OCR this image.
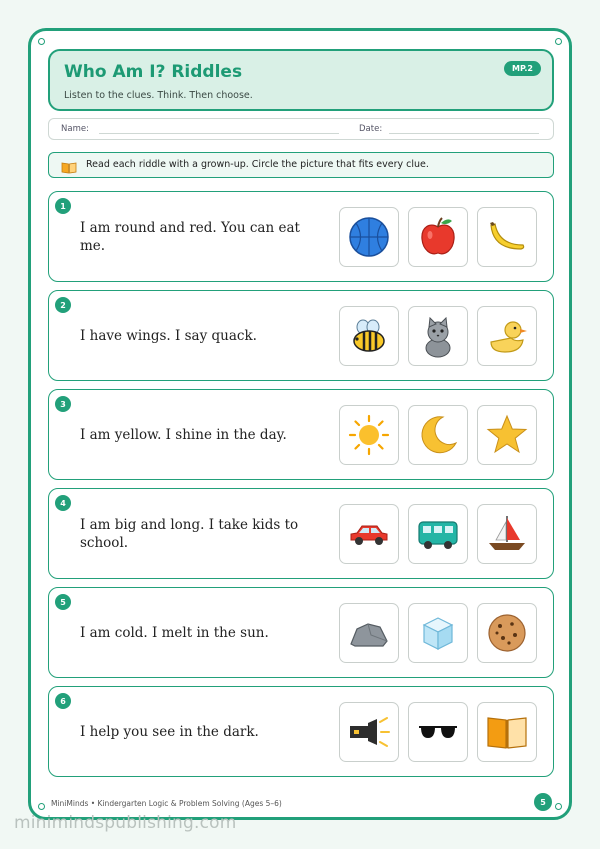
Who Am I? Riddles
Listen to the clues. Think. Then choose.
MP.2
Name:	Date:
Read each riddle with a grown-up. Circle the picture that fits every clue.
1
I am round and red. You can eat me.
2
I have wings. I say quack.
3
I am yellow. I shine in the day.
4
I am big and long. I take kids to school.
5
I am cold. I melt in the sun.
6
I help you see in the dark.
MiniMinds • Kindergarten Logic & Problem Solving (Ages 5–6)	5
minimindspublishing.com
